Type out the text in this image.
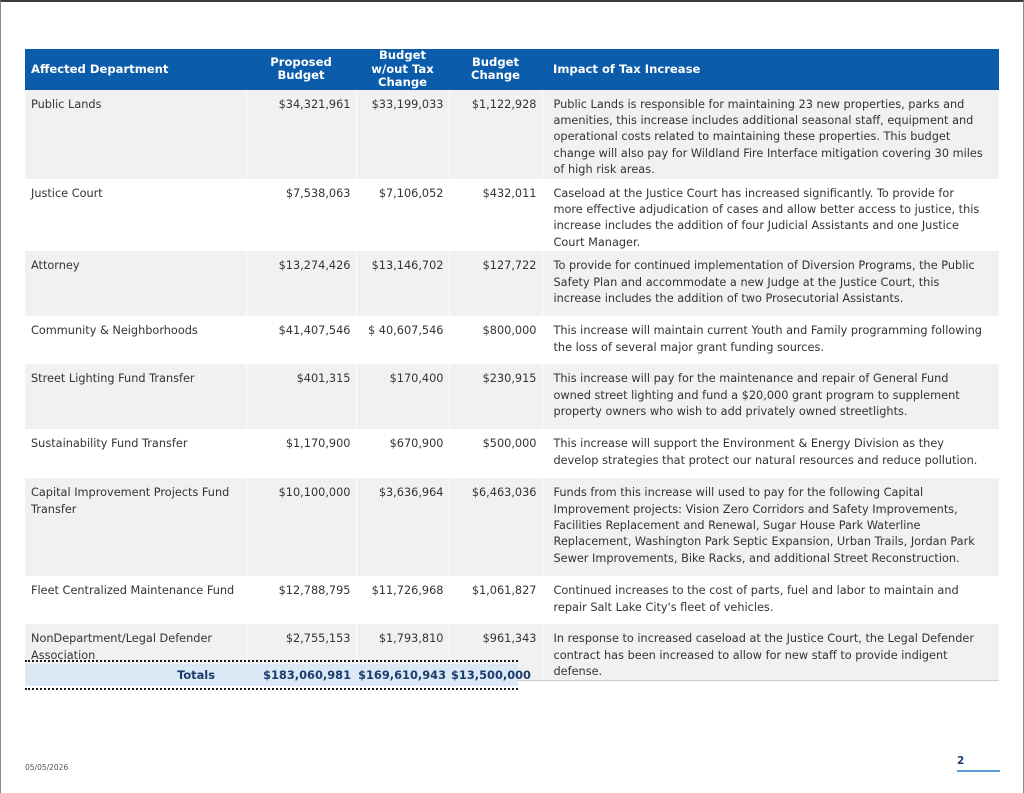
Affected Department	Proposed Budget	Budget w/out Tax Change	Budget Change	Impact of Tax Increase
Public Lands	$34,321,961	$33,199,033	$1,122,928	Public Lands is responsible for maintaining 23 new properties, parks and amenities, this increase includes additional seasonal staff, equipment and operational costs related to maintaining these properties. This budget change will also pay for Wildland Fire Interface mitigation covering 30 miles of high risk areas.
Justice Court	$7,538,063	$7,106,052	$432,011	Caseload at the Justice Court has increased significantly. To provide for more effective adjudication of cases and allow better access to justice, this increase includes the addition of four Judicial Assistants and one Justice Court Manager.
Attorney	$13,274,426	$13,146,702	$127,722	To provide for continued implementation of Diversion Programs, the Public Safety Plan and accommodate a new Judge at the Justice Court, this increase includes the addition of two Prosecutorial Assistants.
Community & Neighborhoods	$41,407,546	$ 40,607,546	$800,000	This increase will maintain current Youth and Family programming following the loss of several major grant funding sources.
Street Lighting Fund Transfer	$401,315	$170,400	$230,915	This increase will pay for the maintenance and repair of General Fund owned street lighting and fund a $20,000 grant program to supplement property owners who wish to add privately owned streetlights.
Sustainability Fund Transfer	$1,170,900	$670,900	$500,000	This increase will support the Environment & Energy Division as they develop strategies that protect our natural resources and reduce pollution.
Capital Improvement Projects Fund Transfer	$10,100,000	$3,636,964	$6,463,036	Funds from this increase will used to pay for the following Capital Improvement projects: Vision Zero Corridors and Safety Improvements, Facilities Replacement and Renewal, Sugar House Park Waterline Replacement, Washington Park Septic Expansion, Urban Trails, Jordan Park Sewer Improvements, Bike Racks, and additional Street Reconstruction.
Fleet Centralized Maintenance Fund	$12,788,795	$11,726,968	$1,061,827	Continued increases to the cost of parts, fuel and labor to maintain and repair Salt Lake City's fleet of vehicles.
NonDepartment/Legal Defender Association	$2,755,153	$1,793,810	$961,343	In response to increased caseload at the Justice Court, the Legal Defender contract has been increased to allow for new staff to provide indigent defense.
Totals	$183,060,981 $169,610,943 $13,500,000
05/05/2026
2
